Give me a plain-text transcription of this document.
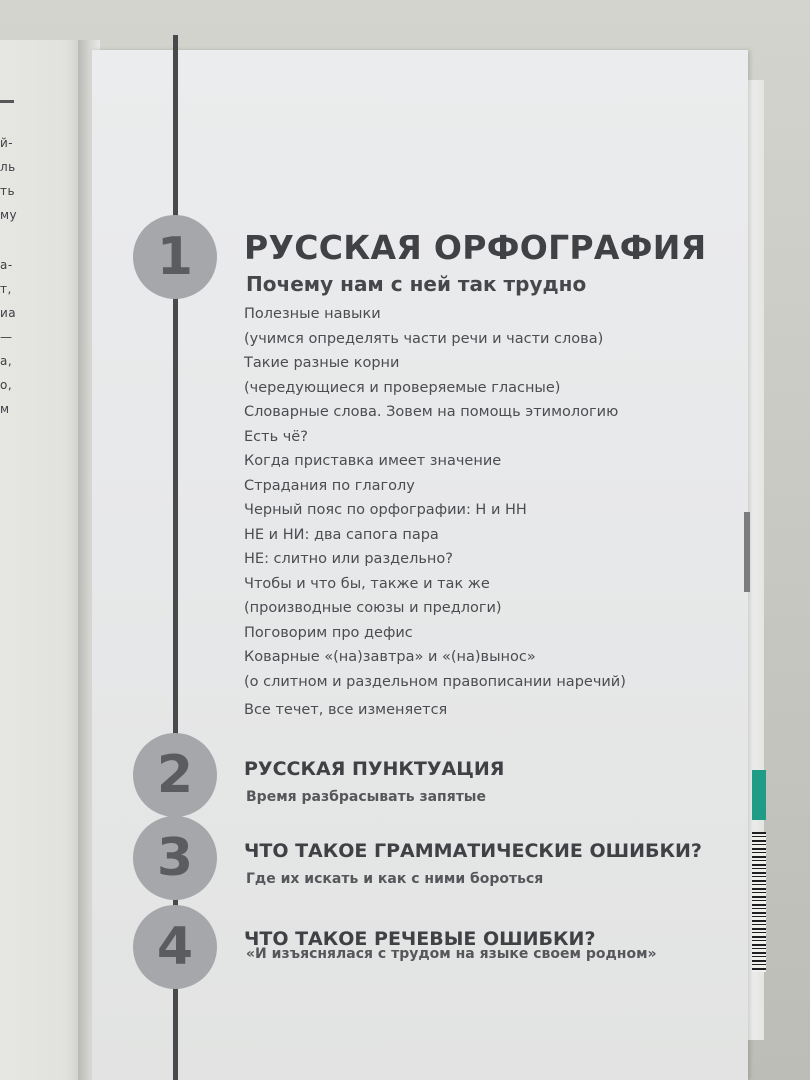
й-
ль
ть
му
а-
т,
иа
—
а,
о,
м
1	РУССКАЯ ОРФОГРАФИЯ
Почему нам с ней так трудно
Полезные навыки
(учимся определять части речи и части слова)
Такие разные корни
(чередующиеся и проверяемые гласные)
Словарные слова. Зовем на помощь этимологию
Есть чё?
Когда приставка имеет значение
Страдания по глаголу
Черный пояс по орфографии: Н и НН
НЕ и НИ: два сапога пара
НЕ: слитно или раздельно?
Чтобы и что бы, также и так же
(производные союзы и предлоги)
Поговорим про дефис
Коварные «(на)завтра» и «(на)вынос»
(о слитном и раздельном правописании наречий)
Все течет, все изменяется
2	РУССКАЯ ПУНКТУАЦИЯ
Время разбрасывать запятые
3	ЧТО ТАКОЕ ГРАММАТИЧЕСКИЕ ОШИБКИ?
Где их искать и как с ними бороться
4	ЧТО ТАКОЕ РЕЧЕВЫЕ ОШИБКИ?
«И изъяснялася с трудом на языке своем родном»
